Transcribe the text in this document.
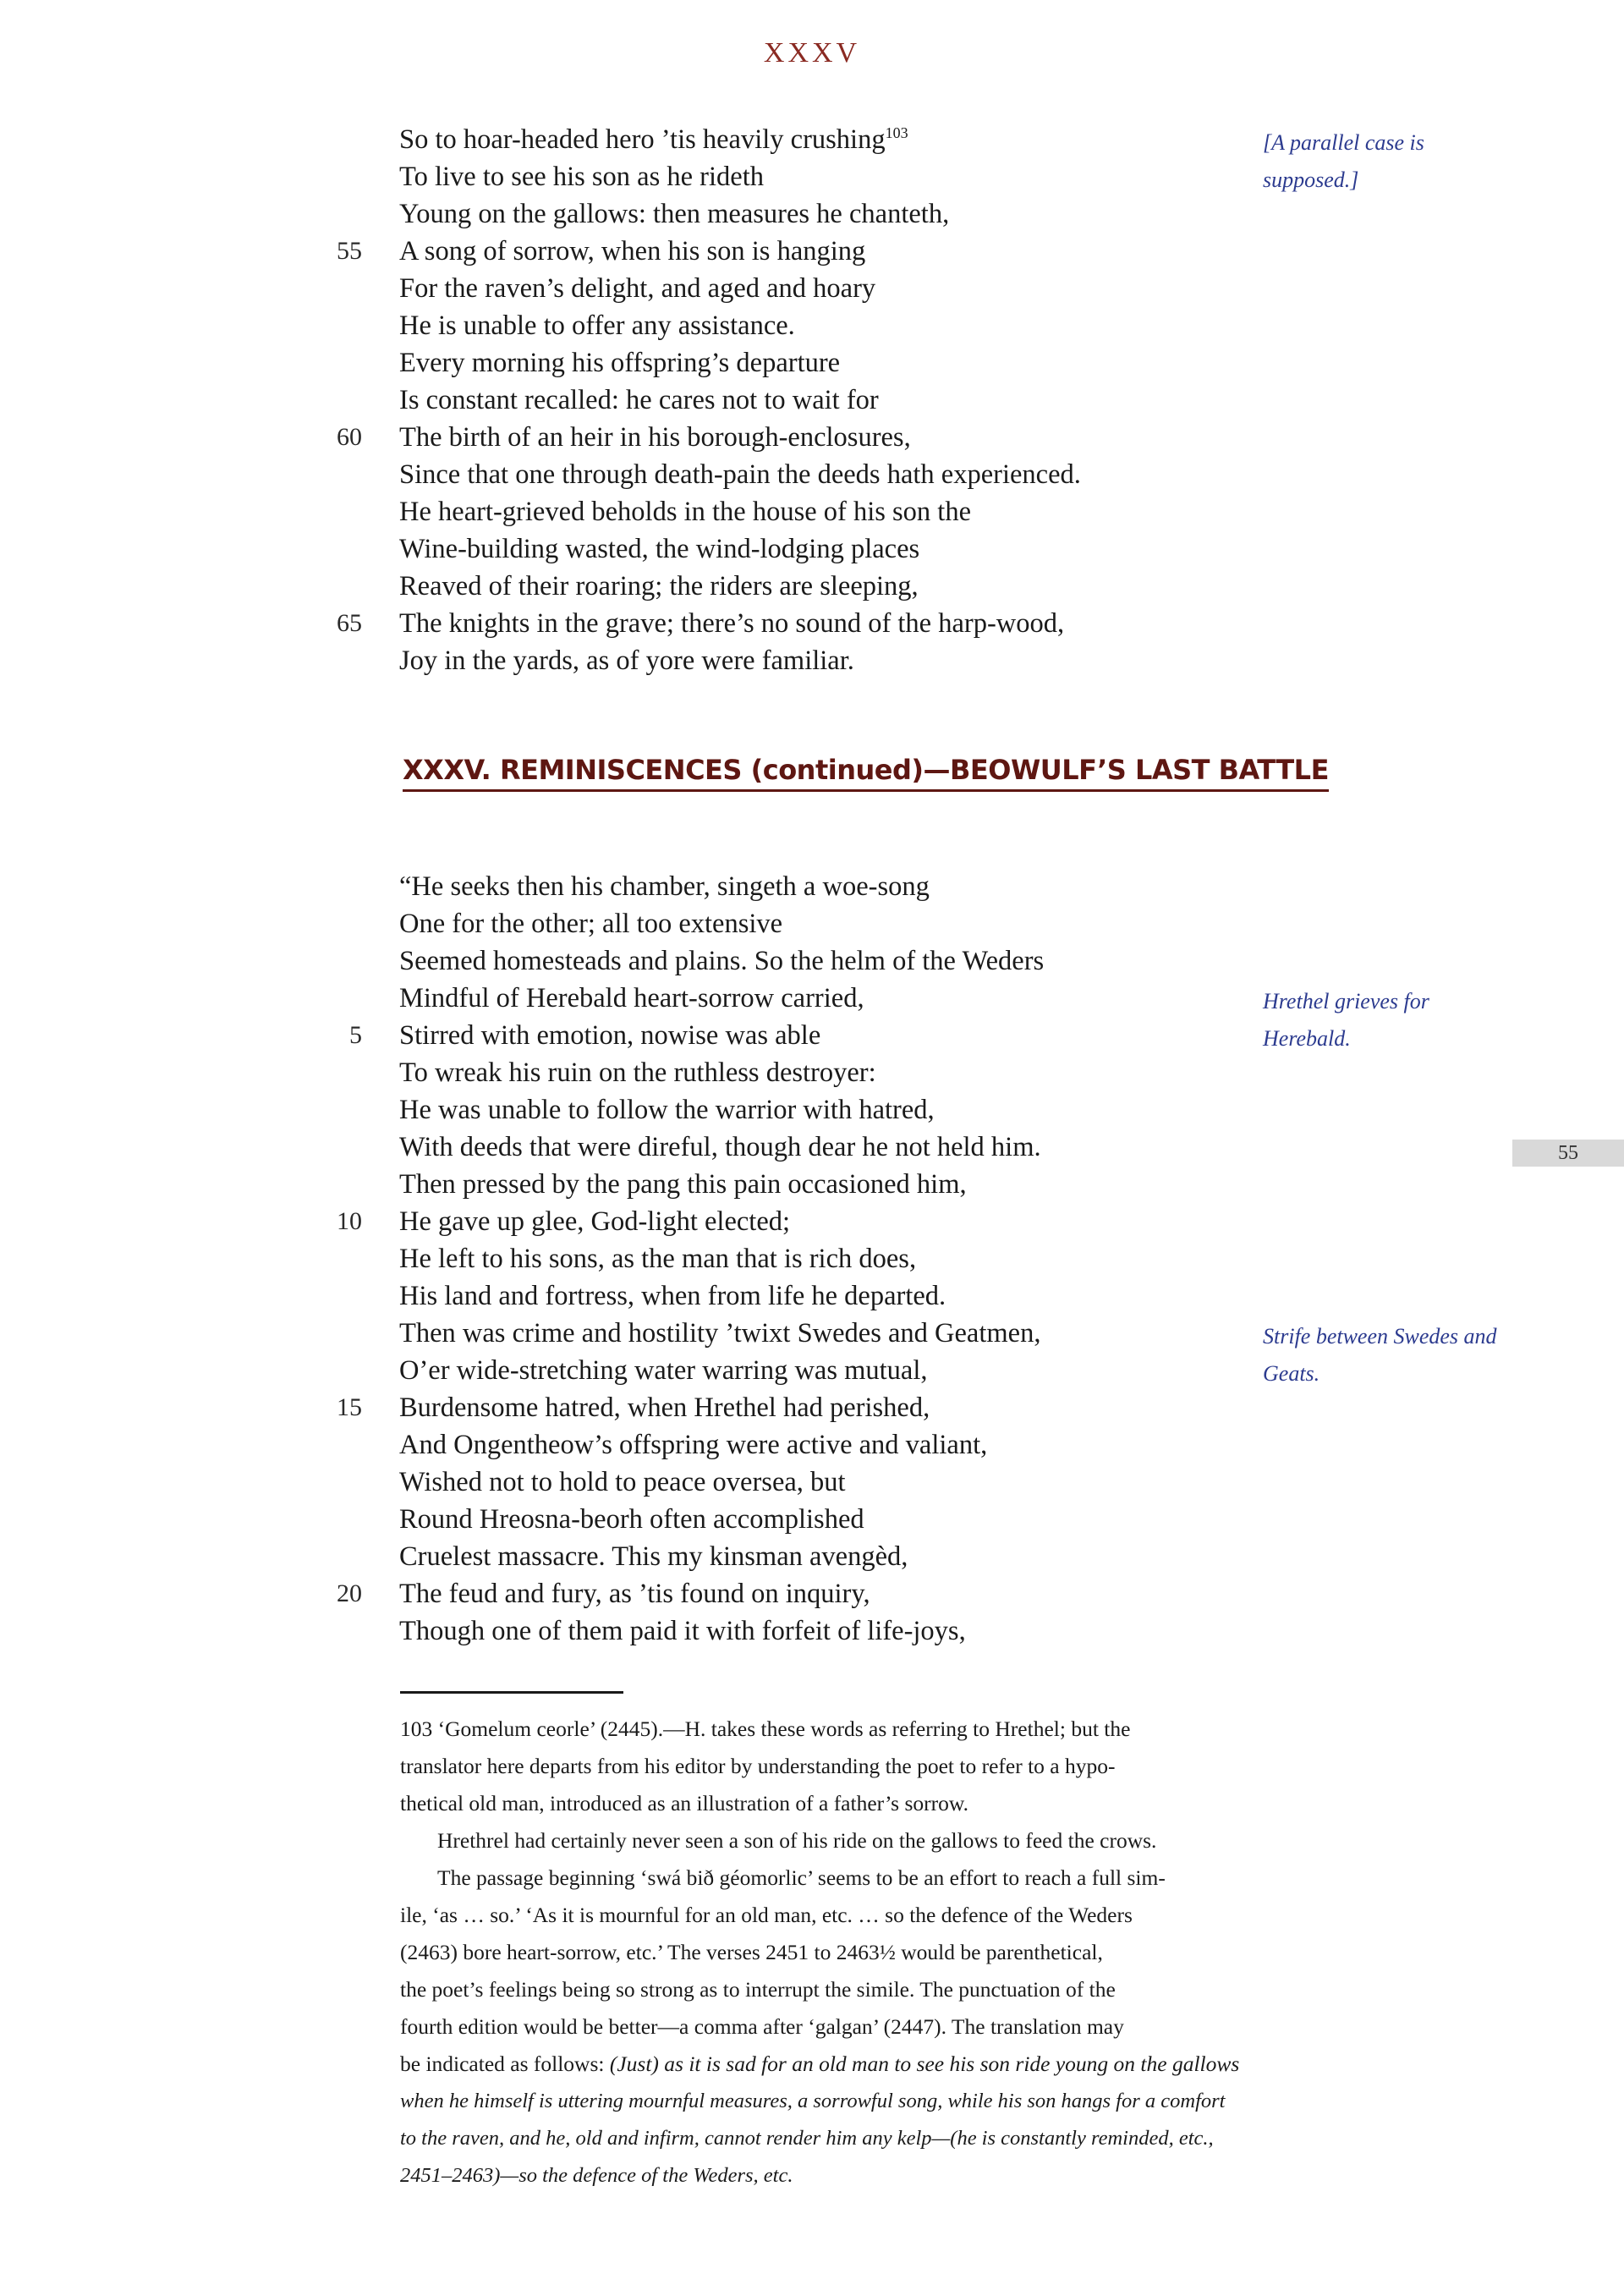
XXXV
So to hoar-headed hero ’tis heavily crushing$^{103}$
To live to see his son as he rideth
Young on the gallows: then measures he chanteth,
55 A song of sorrow, when his son is hanging
For the raven’s delight, and aged and hoary
He is unable to offer any assistance.
Every morning his offspring’s departure
Is constant recalled: he cares not to wait for
60 The birth of an heir in his borough-enclosures,
Since that one through death-pain the deeds hath experienced.
He heart-grieved beholds in the house of his son the
Wine-building wasted, the wind-lodging places
Reaved of their roaring; the riders are sleeping,
65 The knights in the grave; there’s no sound of the harp-wood,
Joy in the yards, as of yore were familiar.
[A parallel case is supposed.]
XXXV. REMINISCENCES (continued)—BEOWULF’S LAST BATTLE
“He seeks then his chamber, singeth a woe-song
One for the other; all too extensive
Seemed homesteads and plains. So the helm of the Weders
Mindful of Herebald heart-sorrow carried,
5 Stirred with emotion, nowise was able
To wreak his ruin on the ruthless destroyer:
He was unable to follow the warrior with hatred,
With deeds that were direful, though dear he not held him.
Then pressed by the pang this pain occasioned him,
10 He gave up glee, God-light elected;
He left to his sons, as the man that is rich does,
His land and fortress, when from life he departed.
Then was crime and hostility ’twixt Swedes and Geatmen,
O’er wide-stretching water warring was mutual,
15 Burdensome hatred, when Hrethel had perished,
And Ongentheow’s offspring were active and valiant,
Wished not to hold to peace oversea, but
Round Hreosna-beorh often accomplished
Cruelest massacre. This my kinsman avengèd,
20 The feud and fury, as ’tis found on inquiry,
Though one of them paid it with forfeit of life-joys,
Hrethel grieves for Herebald.
Strife between Swedes and
Geats.
55
103 ‘Gomelum ceorle’ (2445).—H. takes these words as referring to Hrethel; but the
translator here departs from his editor by understanding the poet to refer to a hypo-
thetical old man, introduced as an illustration of a father’s sorrow.
Hrethrel had certainly never seen a son of his ride on the gallows to feed the crows.
The passage beginning ‘swá bið géomorlic’ seems to be an effort to reach a full sim-
ile, ‘as … so.’ ‘As it is mournful for an old man, etc. … so the defence of the Weders
(2463) bore heart-sorrow, etc.’ The verses 2451 to 2463½ would be parenthetical,
the poet’s feelings being so strong as to interrupt the simile. The punctuation of the
fourth edition would be better—a comma after ‘galgan’ (2447). The translation may
be indicated as follows: (Just) as it is sad for an old man to see his son ride young on the gallows
when he himself is uttering mournful measures, a sorrowful song, while his son hangs for a comfort
to the raven, and he, old and infirm, cannot render him any kelp—(he is constantly reminded, etc.,
2451–2463)—so the defence of the Weders, etc.
